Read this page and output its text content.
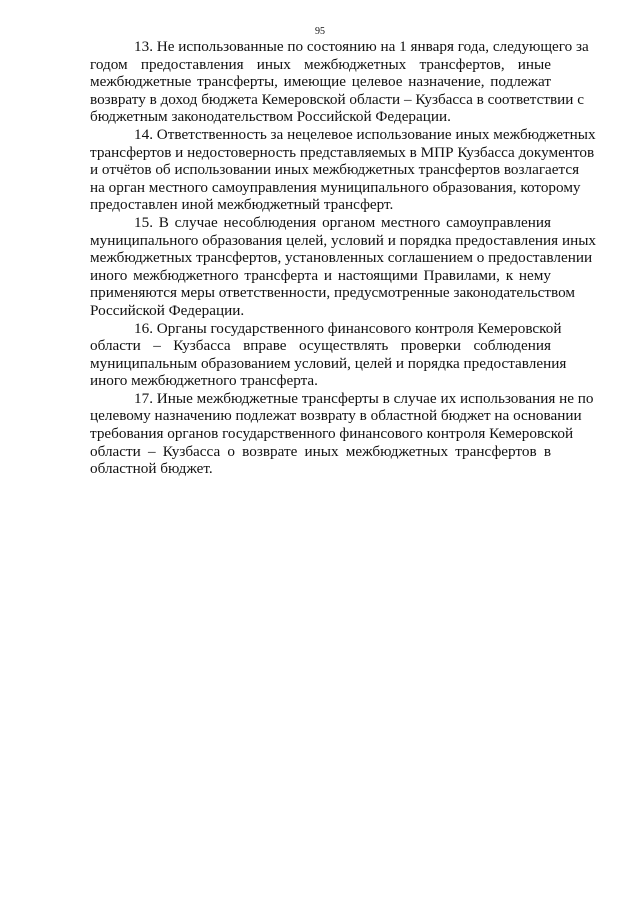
95
13. Не использованные по состоянию на 1 января года, следующего за
годом предоставления иных межбюджетных трансфертов, иные
межбюджетные трансферты, имеющие целевое назначение, подлежат
возврату в доход бюджета Кемеровской области – Кузбасса в соответствии с
бюджетным законодательством Российской Федерации.
14. Ответственность за нецелевое использование иных межбюджетных
трансфертов и недостоверность представляемых в МПР Кузбасса документов
и отчётов об использовании иных межбюджетных трансфертов возлагается
на орган местного самоуправления муниципального образования, которому
предоставлен иной межбюджетный трансферт.
15. В случае несоблюдения органом местного самоуправления
муниципального образования целей, условий и порядка предоставления иных
межбюджетных трансфертов, установленных соглашением о предоставлении
иного межбюджетного трансферта и настоящими Правилами, к нему
применяются меры ответственности, предусмотренные законодательством
Российской Федерации.
16. Органы государственного финансового контроля Кемеровской
области – Кузбасса вправе осуществлять проверки соблюдения
муниципальным образованием условий, целей и порядка предоставления
иного межбюджетного трансферта.
17. Иные межбюджетные трансферты в случае их использования не по
целевому назначению подлежат возврату в областной бюджет на основании
требования органов государственного финансового контроля Кемеровской
области – Кузбасса о возврате иных межбюджетных трансфертов в
областной бюджет.
